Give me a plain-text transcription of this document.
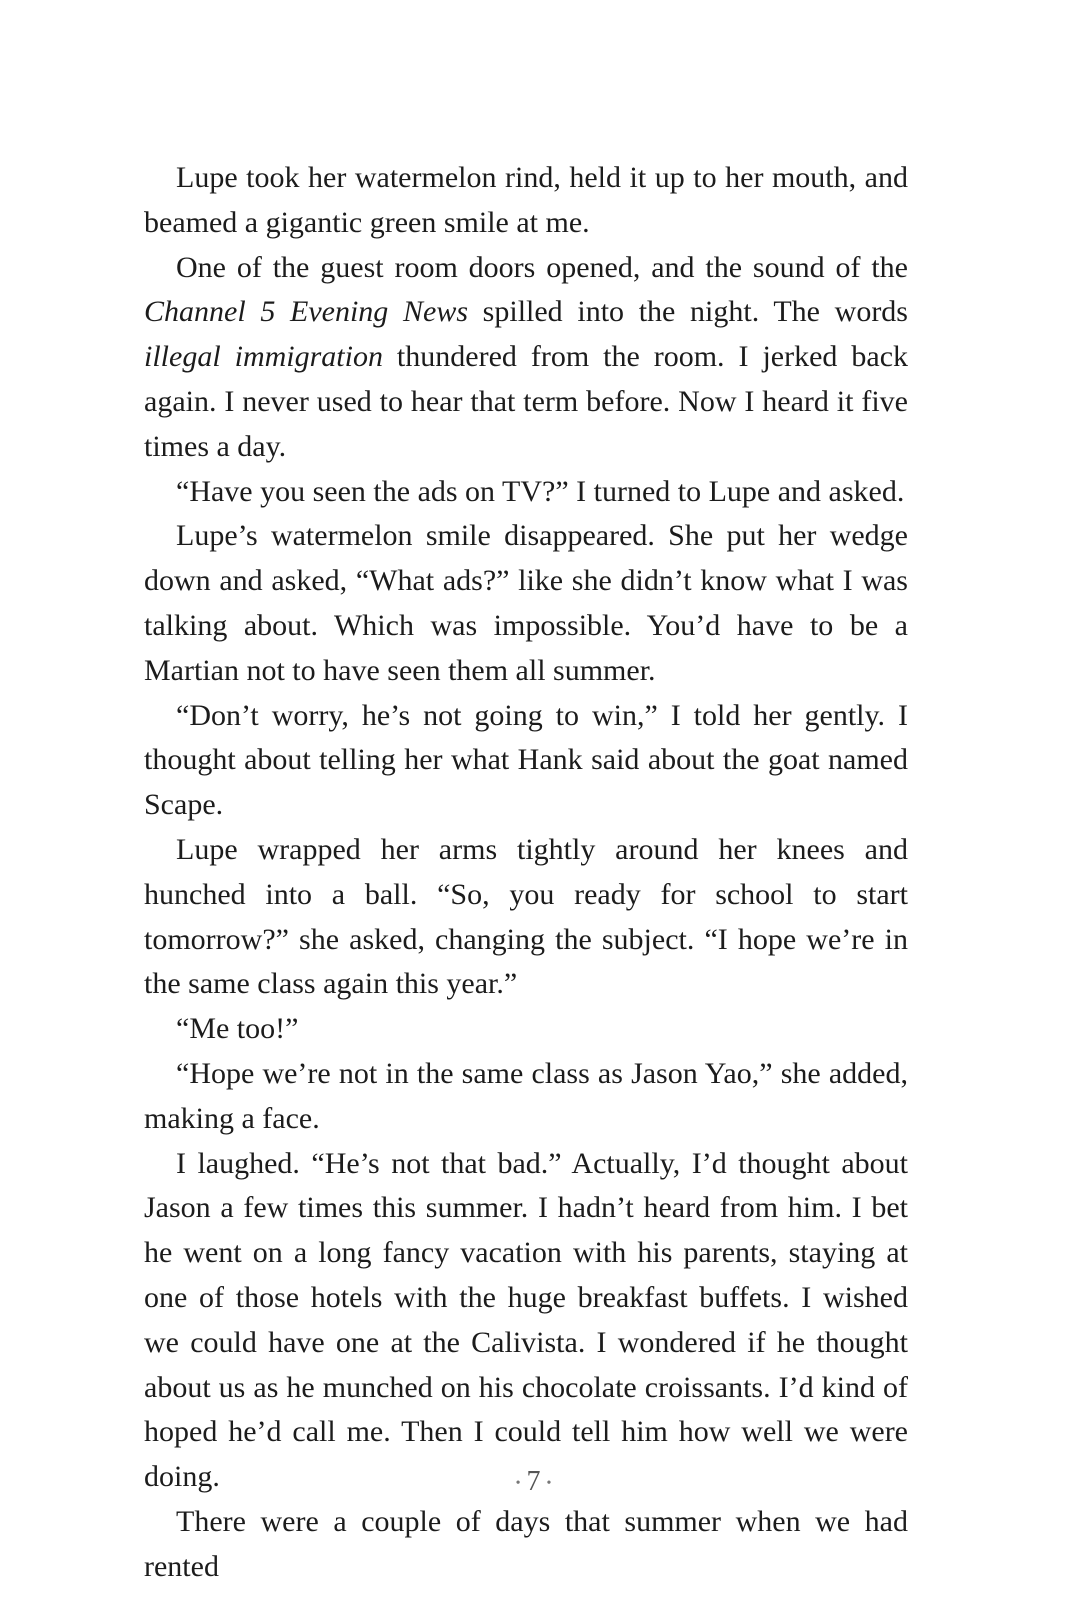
Lupe took her watermelon rind, held it up to her mouth, and beamed a gigantic green smile at me.

One of the guest room doors opened, and the sound of the Channel 5 Evening News spilled into the night. The words illegal immigration thundered from the room. I jerked back again. I never used to hear that term before. Now I heard it five times a day.

“Have you seen the ads on TV?” I turned to Lupe and asked.

Lupe’s watermelon smile disappeared. She put her wedge down and asked, “What ads?” like she didn’t know what I was talking about. Which was impossible. You’d have to be a Martian not to have seen them all summer.

“Don’t worry, he’s not going to win,” I told her gently. I thought about telling her what Hank said about the goat named Scape.

Lupe wrapped her arms tightly around her knees and hunched into a ball. “So, you ready for school to start tomorrow?” she asked, changing the subject. “I hope we’re in the same class again this year.”

“Me too!”

“Hope we’re not in the same class as Jason Yao,” she added, making a face.

I laughed. “He’s not that bad.” Actually, I’d thought about Jason a few times this summer. I hadn’t heard from him. I bet he went on a long fancy vacation with his parents, staying at one of those hotels with the huge breakfast buffets. I wished we could have one at the Calivista. I wondered if he thought about us as he munched on his chocolate croissants. I’d kind of hoped he’d call me. Then I could tell him how well we were doing.

There were a couple of days that summer when we had rented

• 7 •
